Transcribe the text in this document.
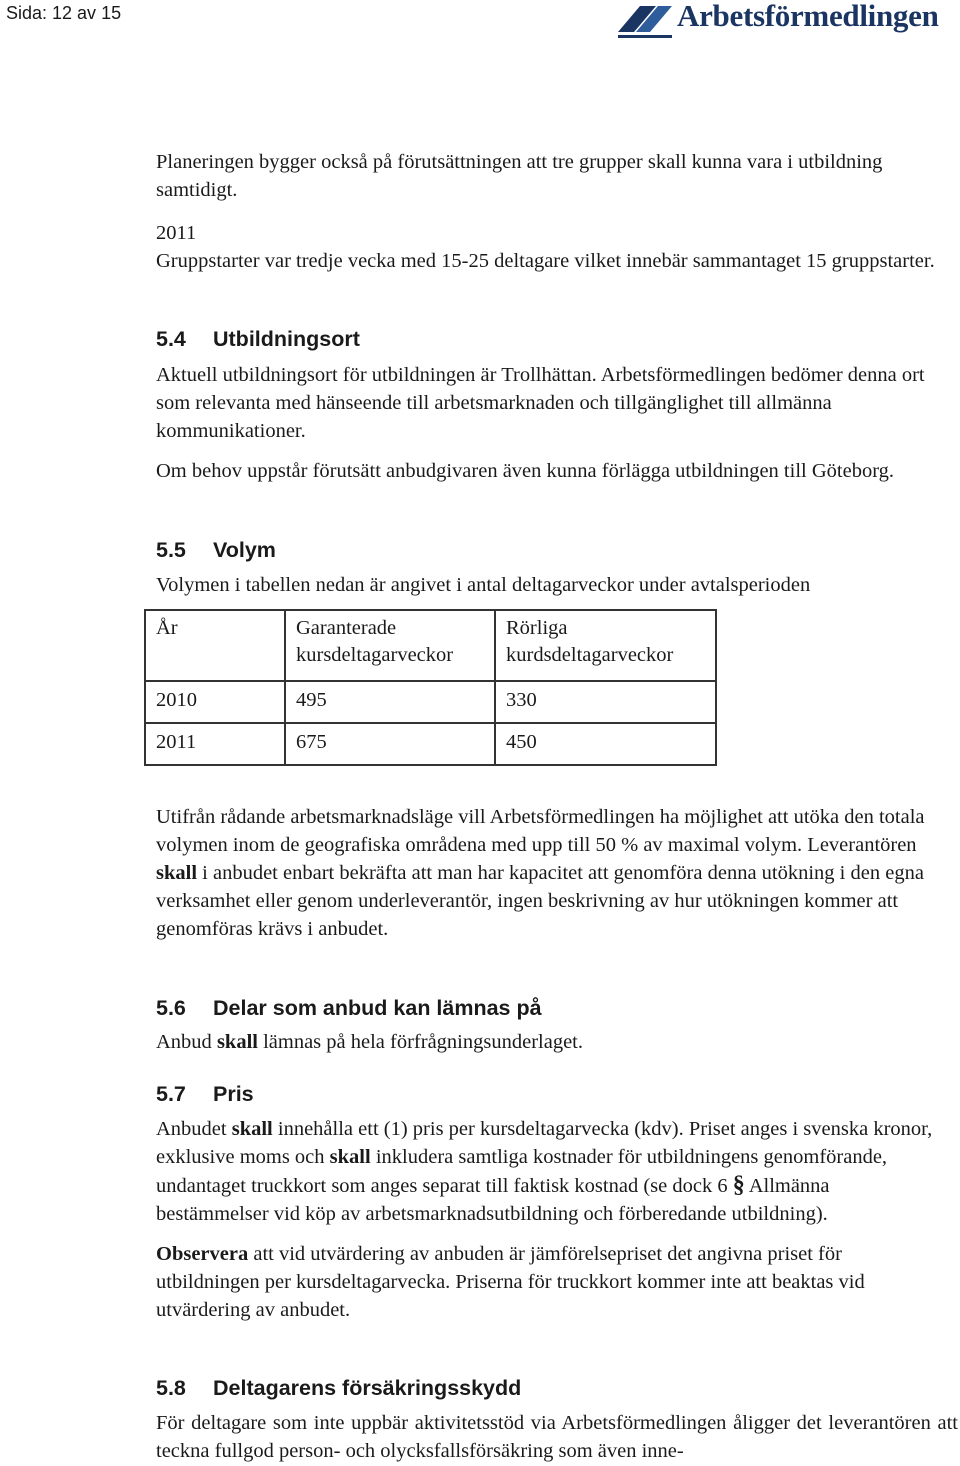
Sida: 12 av 15	Arbetsförmedlingen

Planeringen bygger också på förutsättningen att tre grupper skall kunna vara i utbildning samtidigt.

2011

Gruppstarter var tredje vecka med 15-25 deltagare vilket innebär sammantaget 15 gruppstarter.

5.4 Utbildningsort

Aktuell utbildningsort för utbildningen är Trollhättan. Arbetsförmedlingen bedömer denna ort som relevanta med hänseende till arbetsmarknaden och tillgänglighet till allmänna kommunikationer.

Om behov uppstår förutsätt anbudgivaren även kunna förlägga utbildningen till Göteborg.

5.5 Volym

Volymen i tabellen nedan är angivet i antal deltagarveckor under avtalsperioden

År	Garanterade kursdeltagarveckor	Rörliga kurdsdeltagarveckor
2010	495	330
2011	675	450

Utifrån rådande arbetsmarknadsläge vill Arbetsförmedlingen ha möjlighet att utöka den totala volymen inom de geografiska områdena med upp till 50 % av maximal volym. Leverantören skall i anbudet enbart bekräfta att man har kapacitet att genomföra denna utökning i den egna verksamhet eller genom underleverantör, ingen beskrivning av hur utökningen kommer att genomföras krävs i anbudet.

5.6 Delar som anbud kan lämnas på

Anbud skall lämnas på hela förfrågningsunderlaget.

5.7 Pris

Anbudet skall innehålla ett (1) pris per kursdeltagarvecka (kdv). Priset anges i svenska kronor, exklusive moms och skall inkludera samtliga kostnader för utbildningens genomförande, undantaget truckkort som anges separat till faktisk kostnad (se dock 6 § Allmänna bestämmelser vid köp av arbetsmarknadsutbildning och förberedande utbildning).

Observera att vid utvärdering av anbuden är jämförelsepriset det angivna priset för utbildningen per kursdeltagarvecka. Priserna för truckkort kommer inte att beaktas vid utvärdering av anbudet.

5.8 Deltagarens försäkringsskydd

För deltagare som inte uppbär aktivitetsstöd via Arbetsförmedlingen åligger det leverantören att teckna fullgod person- och olycksfallsförsäkring som även inne-
